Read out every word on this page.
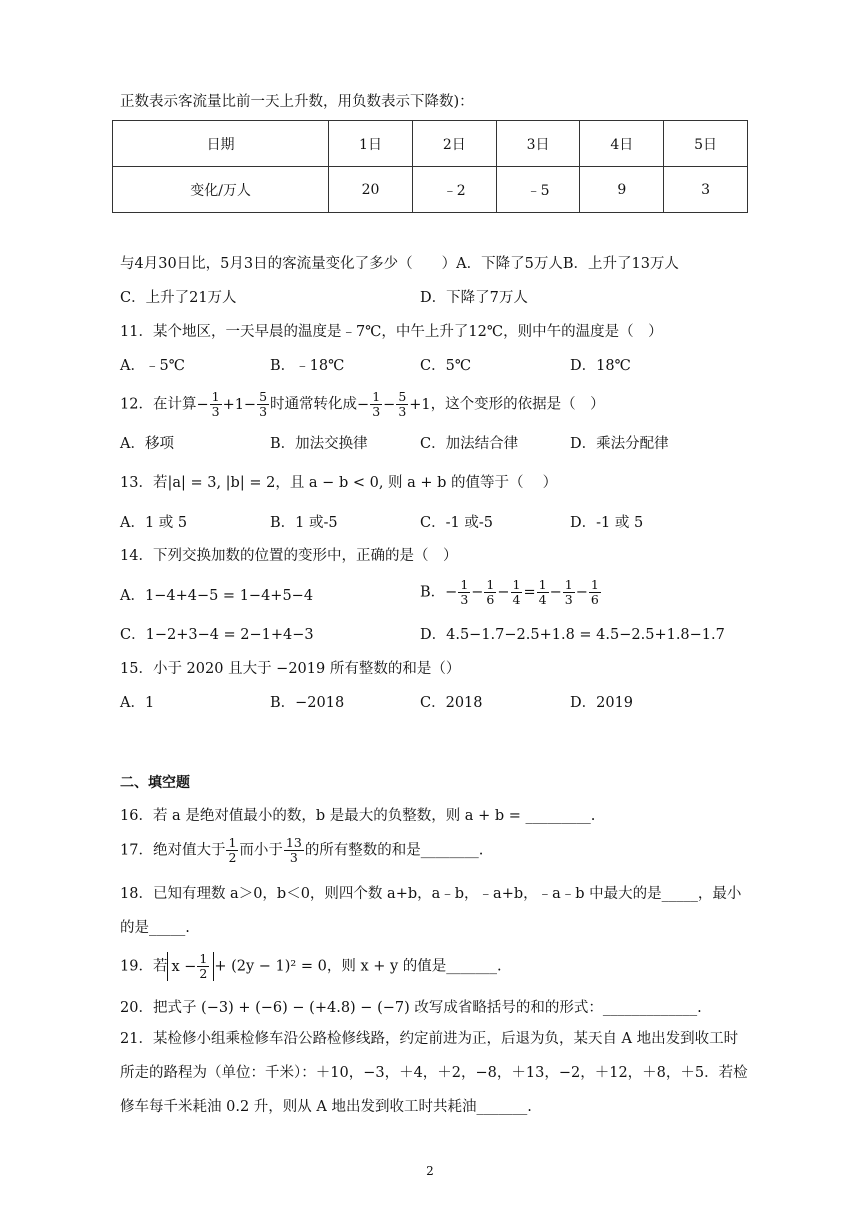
正数表示客流量比前一天上升数，用负数表示下降数)：
日期	1日	2日	3日	4日	5日
变化/万人	20	﹣2	﹣5	9	3
与4月30日比，5月3日的客流量变化了多少（　　）A．下降了5万人B．上升了13万人
C．上升了21万人	D．下降了7万人
11．某个地区，一天早晨的温度是﹣7℃，中午上升了12℃，则中午的温度是（　）
A．﹣5℃	B．﹣18℃	C．5℃	D．18℃
12．在计算− $\frac{1}{3} +1- \frac{5}{3}$ 时通常转化成− $\frac{1}{3} - \frac{5}{3} +1$，这个变形的依据是（　）
A．移项	B．加法交换律	C．加法结合律	D．乘法分配律
13．若|a| = 3, |b| = 2，且 a − b < 0, 则 a + b 的值等于（　 ）
A．1 或 5	B．1 或-5	C．-1 或-5	D．-1 或 5
14．下列交换加数的位置的变形中，正确的是（　）
A．1−4+4−5 = 1−4+5−4	B．− $\frac{1}{3} - \frac{1}{6} - \frac{1}{4} = \frac{1}{4} - \frac{1}{3} - \frac{1}{6}$
C．1−2+3−4 = 2−1+4−3	D．4.5−1.7−2.5+1.8 = 4.5−2.5+1.8−1.7
15．小于 2020 且大于 −2019 所有整数的和是（）
A．1	B．−2018	C．2018	D．2019
二、填空题
16．若 a 是绝对值最小的数，b 是最大的负整数，则 a + b = _________.
17．绝对值大于 $\frac{1}{2}$ 而小于 $\frac{13}{3}$ 的所有整数的和是________.
18．已知有理数 a＞0，b＜0，则四个数 a+b，a﹣b，﹣a+b，﹣a﹣b 中最大的是_____，最小的是_____.
19．若 $x - \frac{1}{2} + (2y - 1)^2 = 0$，则 x + y 的值是_______.
20．把式子 (−3) + (−6) − (+4.8) − (−7) 改写成省略括号的和的形式：_____________.
21．某检修小组乘检修车沿公路检修线路，约定前进为正，后退为负，某天自 A 地出发到收工时所走的路程为（单位：千米）：＋10，−3，＋4，＋2，−8，＋13，−2，＋12，＋8，＋5．若检修车每千米耗油 0.2 升，则从 A 地出发到收工时共耗油_______.
2
